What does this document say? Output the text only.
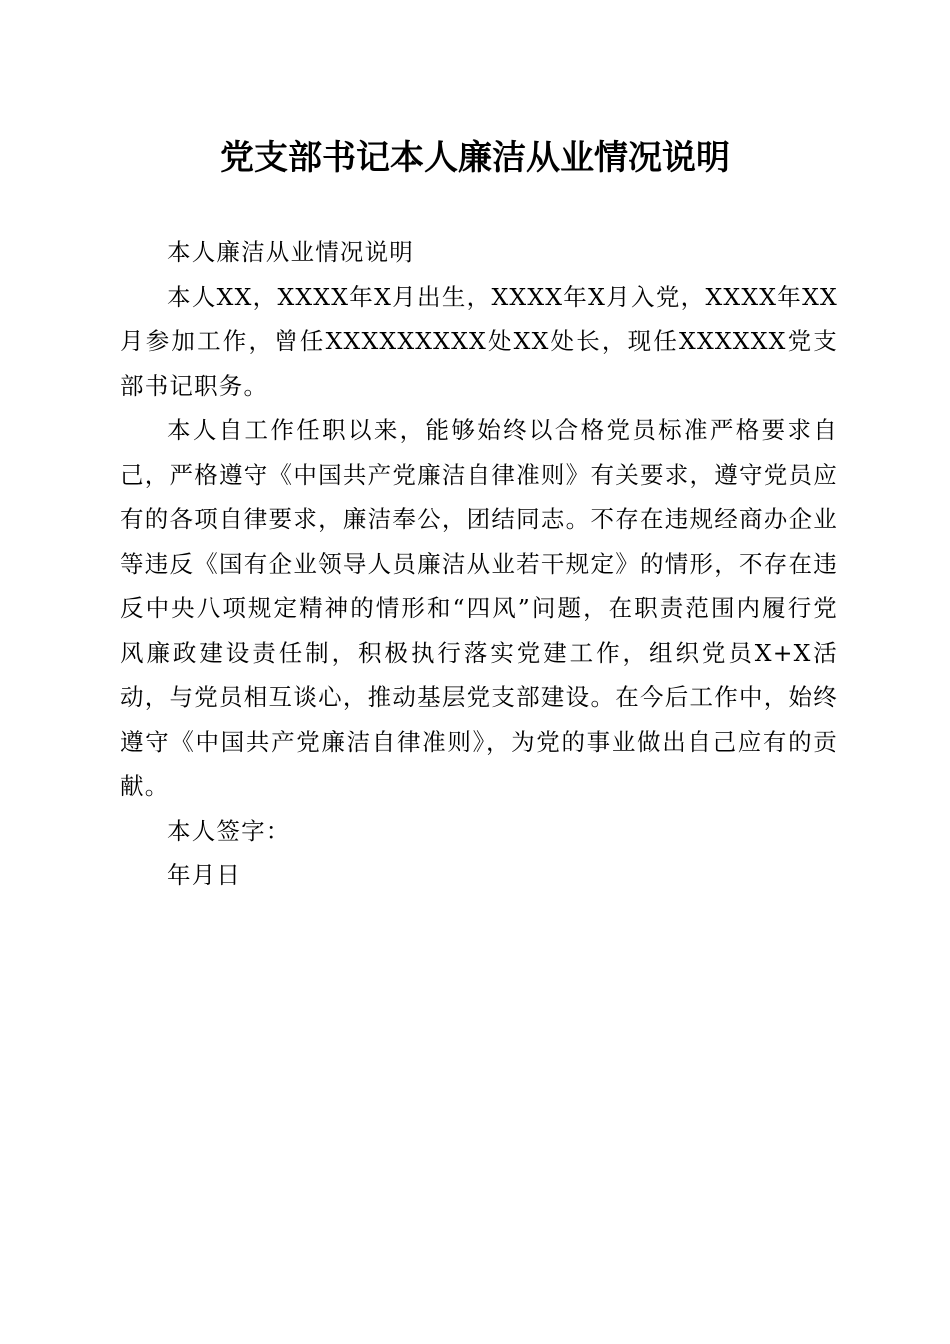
党支部书记本人廉洁从业情况说明

本人廉洁从业情况说明

本人XX，XXXX年X月出生，XXXX年X月入党，XXXX年XX月参加工作，曾任XXXXXXXXX处XX处长，现任XXXXXX党支部书记职务。

本人自工作任职以来，能够始终以合格党员标准严格要求自己，严格遵守《中国共产党廉洁自律准则》有关要求，遵守党员应有的各项自律要求，廉洁奉公，团结同志。不存在违规经商办企业等违反《国有企业领导人员廉洁从业若干规定》的情形，不存在违反中央八项规定精神的情形和“四风”问题，在职责范围内履行党风廉政建设责任制，积极执行落实党建工作，组织党员X+X活动，与党员相互谈心，推动基层党支部建设。在今后工作中，始终遵守《中国共产党廉洁自律准则》，为党的事业做出自己应有的贡献。

本人签字：

年月日
